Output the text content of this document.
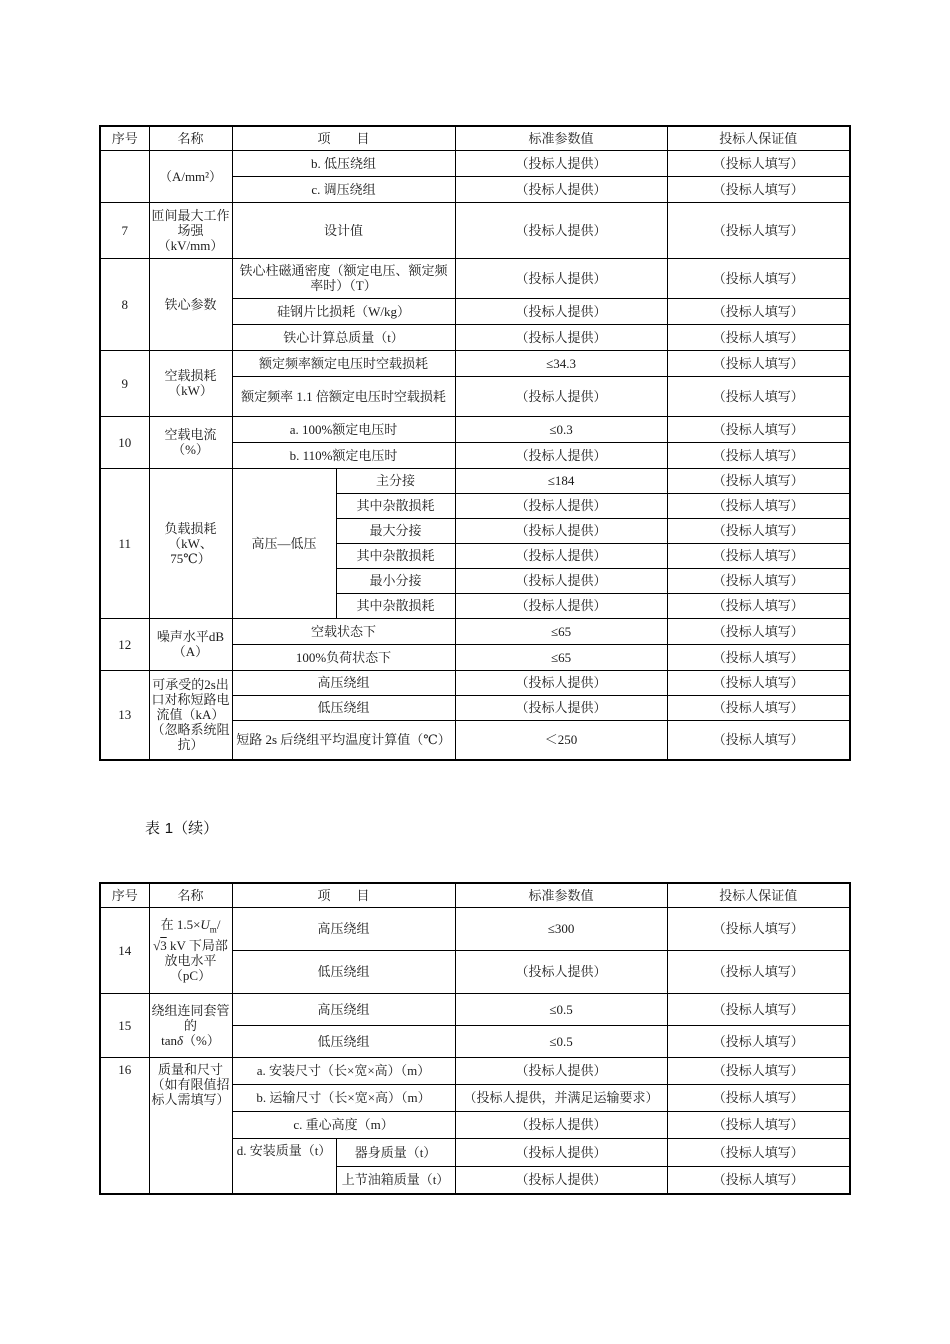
序号	名称	项　　目		标准参数值	投标人保证值
	（A/mm²）	b. 低压绕组		（投标人提供）	（投标人填写）
		c. 调压绕组		（投标人提供）	（投标人填写）
7	匝间最大工作场强（kV/mm）	设计值		（投标人提供）	（投标人填写）
8	铁心参数	铁心柱磁通密度（额定电压、额定频率时）（T）		（投标人提供）	（投标人填写）
		硅钢片比损耗（W/kg）		（投标人提供）	（投标人填写）
		铁心计算总质量（t）		（投标人提供）	（投标人填写）
9	空载损耗（kW）	额定频率额定电压时空载损耗		≤34.3	（投标人填写）
		额定频率 1.1 倍额定电压时空载损耗		（投标人提供）	（投标人填写）
10	空载电流（%）	a. 100%额定电压时		≤0.3	（投标人填写）
		b. 110%额定电压时		（投标人提供）	（投标人填写）
11	负载损耗（kW、75℃）	高压—低压	主分接	≤184	（投标人填写）
			其中杂散损耗	（投标人提供）	（投标人填写）
			最大分接	（投标人提供）	（投标人填写）
			其中杂散损耗	（投标人提供）	（投标人填写）
			最小分接	（投标人提供）	（投标人填写）
			其中杂散损耗	（投标人提供）	（投标人填写）
12	噪声水平dB（A）	空载状态下		≤65	（投标人填写）
		100%负荷状态下		≤65	（投标人填写）
13	可承受的2s出口对称短路电流值（kA）（忽略系统阻抗）	高压绕组		（投标人提供）	（投标人填写）
		低压绕组		（投标人提供）	（投标人填写）
		短路 2s 后绕组平均温度计算值（℃）		＜250	（投标人填写）
表 1（续）
序号	名称	项　　目		标准参数值	投标人保证值
14	在 $1.5\times U_m/$
√3 kV 下局部放电水平（pC）	高压绕组		≤300	（投标人填写）
		低压绕组		（投标人提供）	（投标人填写）
15	绕组连同套管的
tanδ（%）	高压绕组		≤0.5	（投标人填写）
		低压绕组		≤0.5	（投标人填写）
16	质量和尺寸（如有限值招标人需填写）	a. 安装尺寸（长×宽×高）（m）		（投标人提供）	（投标人填写）
		b. 运输尺寸（长×宽×高）（m）		（投标人提供，并满足运输要求）	（投标人填写）
		c. 重心高度（m）		（投标人提供）	（投标人填写）
		d. 安装质量（t）	器身质量（t）	（投标人提供）	（投标人填写）
			上节油箱质量（t）	（投标人提供）	（投标人填写）
